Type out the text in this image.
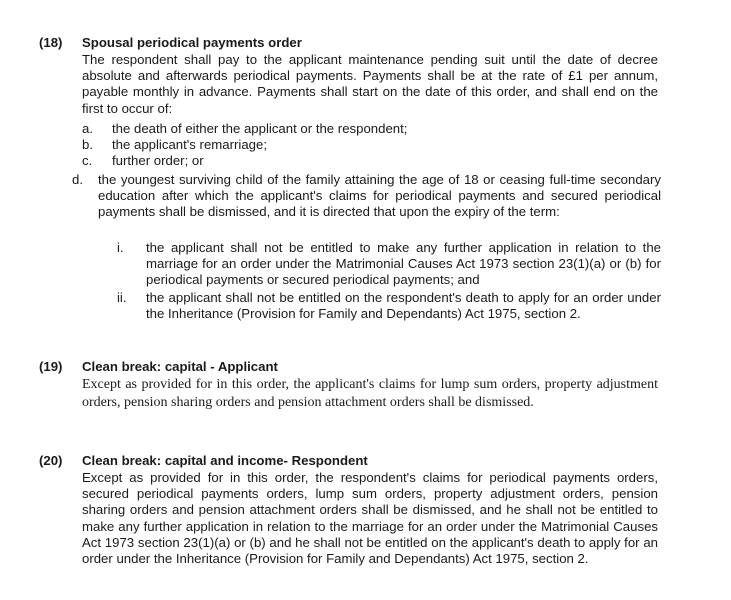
(18) Spousal periodical payments order

The respondent shall pay to the applicant maintenance pending suit until the date of decree absolute and afterwards periodical payments. Payments shall be at the rate of £1 per annum, payable monthly in advance. Payments shall start on the date of this order, and shall end on the first to occur of:

a. the death of either the applicant or the respondent;
b. the applicant's remarriage;
c. further order; or
d. the youngest surviving child of the family attaining the age of 18 or ceasing full-time secondary education after which the applicant's claims for periodical payments and secured periodical payments shall be dismissed, and it is directed that upon the expiry of the term:
i. the applicant shall not be entitled to make any further application in relation to the marriage for an order under the Matrimonial Causes Act 1973 section 23(1)(a) or (b) for periodical payments or secured periodical payments; and
ii. the applicant shall not be entitled on the respondent's death to apply for an order under the Inheritance (Provision for Family and Dependants) Act 1975, section 2.
(19) Clean break: capital - Applicant
Except as provided for in this order, the applicant's claims for lump sum orders, property adjustment orders, pension sharing orders and pension attachment orders shall be dismissed.
(20) Clean break: capital and income- Respondent
Except as provided for in this order, the respondent's claims for periodical payments orders, secured periodical payments orders, lump sum orders, property adjustment orders, pension sharing orders and pension attachment orders shall be dismissed, and he shall not be entitled to make any further application in relation to the marriage for an order under the Matrimonial Causes Act 1973 section 23(1)(a) or (b) and he shall not be entitled on the applicant's death to apply for an order under the Inheritance (Provision for Family and Dependants) Act 1975, section 2.
